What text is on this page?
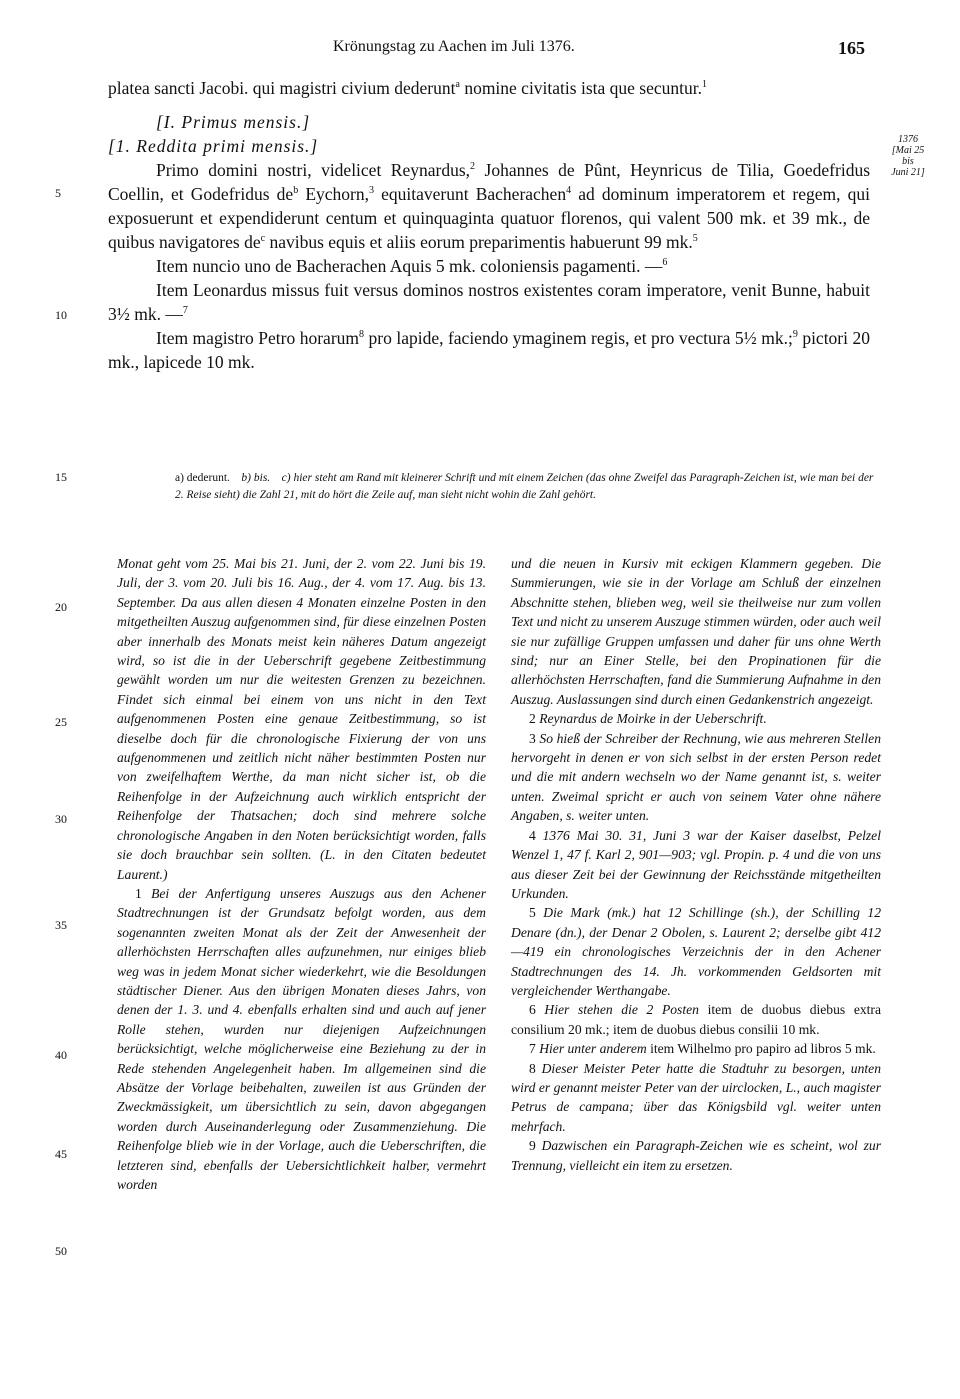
Krönungstag zu Aachen im Juli 1376.	165

platea sancti Jacobi. qui magistri civium dederunt$^a$ nomine civitatis ista que secuntur.$^1$

[I. Primus mensis.]

[1. Reddita primi mensis.]

Primo domini nostri, videlicet Reynardus,$^2$ Johannes de Pûnt, Heynricus de Tilia, Goedefridus Coellin, et Godefridus $de^b$ Eychorn,$^3$ equitaverunt Bacherachen$^4$ ad dominum imperatorem et regem, qui exposuerunt et expendiderunt centum et quinquaginta quatuor florenos, qui valent 500 mk. et 39 mk., de quibus navigatores $de^c$ navibus equis et aliis eorum preparimentis habuerunt 99 mk.$^5$

Item nuncio uno de Bacherachen Aquis 5 mk. coloniensis pagamenti. —$^6$

Item Leonardus missus fuit versus dominos nostros existentes coram imperatore, venit Bunne, habuit 3½ mk. —$^7$

Item magistro Petro horarum$^8$ pro lapide, faciendo ymaginem regis, et pro vectura 5½ mk.;$^9$ pictori 20 mk., lapicede 10 mk.

1376
[Mai 25
bis
Juni 21]
5
10
15
20
25
30
35
40
45
50

a) dederunt. b) bis. c) hier steht am Rand mit kleinerer Schrift und mit einem Zeichen (das ohne Zweifel das Paragraph-Zeichen ist, wie man bei der 2. Reise sieht) die Zahl 21, mit do hört die Zeile auf, man sieht nicht wohin die Zahl gehört.

Monat geht vom 25. Mai bis 21. Juni, der 2. vom 22. Juni bis 19. Juli, der 3. vom 20. Juli bis 16. Aug., der 4. vom 17. Aug. bis 13. September. Da aus allen diesen 4 Monaten einzelne Posten in den mitgetheilten Auszug aufgenommen sind, für diese einzelnen Posten aber innerhalb des Monats meist kein näheres Datum angezeigt wird, so ist die in der Ueberschrift gegebene Zeitbestimmung gewählt worden um nur die weitesten Grenzen zu bezeichnen. Findet sich einmal bei einem von uns nicht in den Text aufgenommenen Posten eine genaue Zeitbestimmung, so ist dieselbe doch für die chronologische Fixierung der von uns aufgenommenen und zeitlich nicht näher bestimmten Posten nur von zweifelhaftem Werthe, da man nicht sicher ist, ob die Reihenfolge in der Aufzeichnung auch wirklich entspricht der Reihenfolge der Thatsachen; doch sind mehrere solche chronologische Angaben in den Noten berücksichtigt worden, falls sie doch brauchbar sein sollten. (L. in den Citaten bedeutet Laurent.)

1 Bei der Anfertigung unseres Auszugs aus den Achener Stadtrechnungen ist der Grundsatz befolgt worden, aus dem sogenannten zweiten Monat als der Zeit der Anwesenheit der allerhöchsten Herrschaften alles aufzunehmen, nur einiges blieb weg was in jedem Monat sicher wiederkehrt, wie die Besoldungen städtischer Diener. Aus den übrigen Monaten dieses Jahrs, von denen der 1. 3. und 4. ebenfalls erhalten sind und auch auf jener Rolle stehen, wurden nur diejenigen Aufzeichnungen berücksichtigt, welche möglicherweise eine Beziehung zu der in Rede stehenden Angelegenheit haben. Im allgemeinen sind die Absätze der Vorlage beibehalten, zuweilen ist aus Gründen der Zweckmässigkeit, um übersichtlich zu sein, davon abgegangen worden durch Auseinanderlegung oder Zusammenziehung. Die Reihenfolge blieb wie in der Vorlage, auch die Ueberschriften, die letzteren sind, ebenfalls der Uebersichtlichkeit halber, vermehrt worden

und die neuen in Kursiv mit eckigen Klammern gegeben. Die Summierungen, wie sie in der Vorlage am Schluß der einzelnen Abschnitte stehen, blieben weg, weil sie theilweise nur zum vollen Text und nicht zu unserem Auszuge stimmen würden, oder auch weil sie nur zufällige Gruppen umfassen und daher für uns ohne Werth sind; nur an Einer Stelle, bei den Propinationen für die allerhöchsten Herrschaften, fand die Summierung Aufnahme in den Auszug. Auslassungen sind durch einen Gedankenstrich angezeigt.

2 Reynardus de Moirke in der Ueberschrift.

3 So hieß der Schreiber der Rechnung, wie aus mehreren Stellen hervorgeht in denen er von sich selbst in der ersten Person redet und die mit andern wechseln wo der Name genannt ist, s. weiter unten. Zweimal spricht er auch von seinem Vater ohne nähere Angaben, s. weiter unten.

4 1376 Mai 30. 31, Juni 3 war der Kaiser daselbst, Pelzel Wenzel 1, 47 f. Karl 2, 901—903; vgl. Propin. p. 4 und die von uns aus dieser Zeit bei der Gewinnung der Reichsstände mitgetheilten Urkunden.

5 Die Mark (mk.) hat 12 Schillinge (sh.), der Schilling 12 Denare (dn.), der Denar 2 Obolen, s. Laurent 2; derselbe gibt 412—419 ein chronologisches Verzeichnis der in den Achener Stadtrechnungen des 14. Jh. vorkommenden Geldsorten mit vergleichender Werthangabe.

6 Hier stehen die 2 Posten item de duobus diebus extra consilium 20 mk.; item de duobus diebus consilii 10 mk.

7 Hier unter anderem item Wilhelmo pro papiro ad libros 5 mk.

8 Dieser Meister Peter hatte die Stadtuhr zu besorgen, unten wird er genannt meister Peter van der uirclocken, L., auch magister Petrus de campana; über das Königsbild vgl. weiter unten mehrfach.

9 Dazwischen ein Paragraph-Zeichen wie es scheint, wol zur Trennung, vielleicht ein item zu ersetzen.
